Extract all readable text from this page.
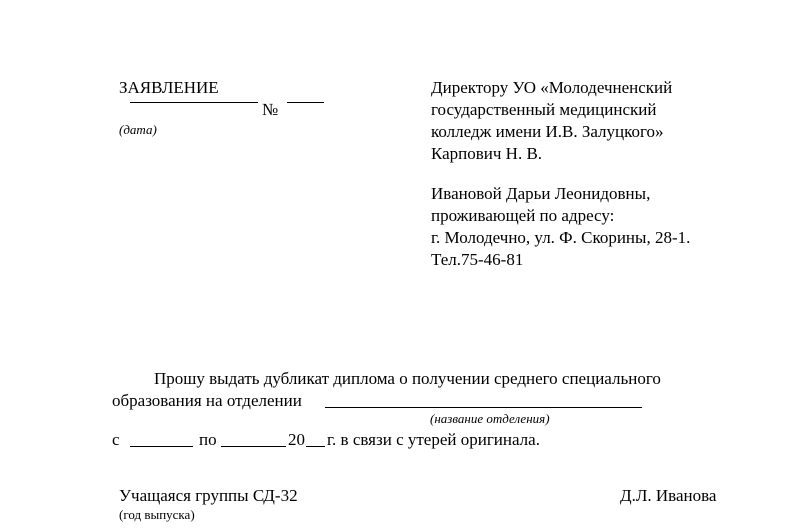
ЗАЯВЛЕНИЕ
№
(дата)
Директору УО «Молодечненский
государственный медицинский
колледж имени И.В. Залуцкого»
Карпович Н. В.
Ивановой Дарьи Леонидовны,
проживающей по адресу:
г. Молодечно, ул. Ф. Скорины, 28-1.
Тел.75-46-81
Прошу выдать дубликат диплома о получении среднего специального
образования на отделении
(название отделения)
с	по	20 г. в связи с утерей оригинала.
Учащаяся группы СД-32
(год выпуска)
Д.Л. Иванова
